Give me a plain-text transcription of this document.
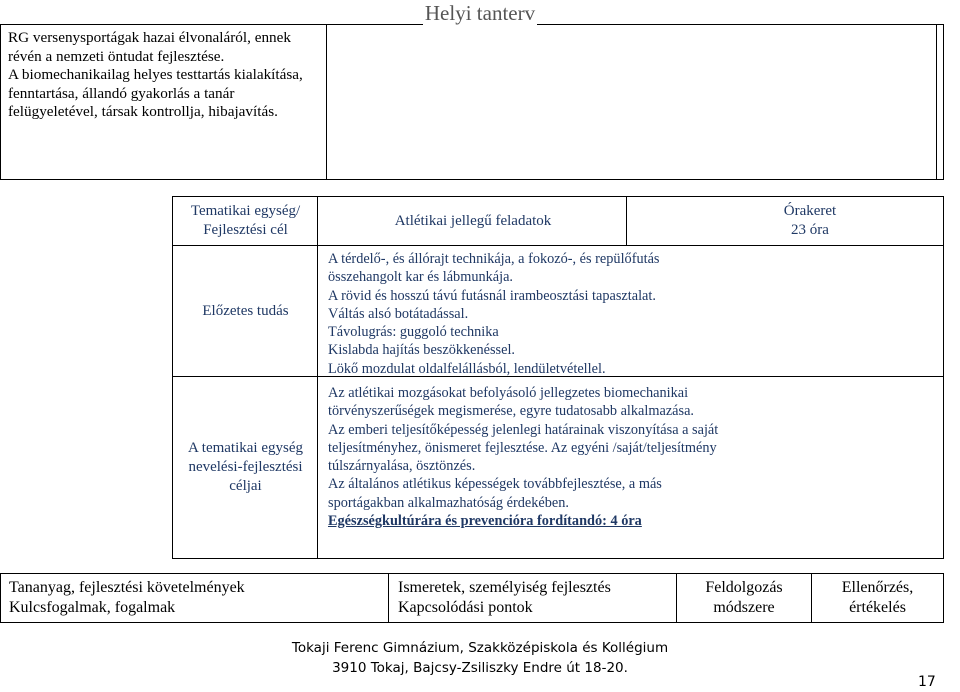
RG versenysportágak hazai élvonaláról, ennek
révén a nemzeti öntudat fejlesztése.
A biomechanikailag helyes testtartás kialakítása,
fenntartása, állandó gyakorlás a tanár
felügyeletével, társak kontrollja, hibajavítás.
Helyi tanterv
Tematikai egység/
Fejlesztési cél
Atlétikai jellegű feladatok
Órakeret
23 óra
Előzetes tudás
A térdelő-, és állórajt technikája, a fokozó-, és repülőfutás
összehangolt kar és lábmunkája.
A rövid és hosszú távú futásnál irambeosztási tapasztalat.
Váltás alsó botátadással.
Távolugrás: guggoló technika
Kislabda hajítás beszökkenéssel.
Lökő mozdulat oldalfelállásból, lendületvétellel.
A tematikai egység
nevelési-fejlesztési
céljai
Az atlétikai mozgásokat befolyásoló jellegzetes biomechanikai
törvényszerűségek megismerése, egyre tudatosabb alkalmazása.
Az emberi teljesítőképesség jelenlegi határainak viszonyítása a saját
teljesítményhez, önismeret fejlesztése. Az egyéni /saját/teljesítmény
túlszárnyalása, ösztönzés.
Az általános atlétikus képességek továbbfejlesztése, a más
sportágakban alkalmazhatóság érdekében.
Egészségkultúrára és prevencióra fordítandó: 4 óra
Tananyag, fejlesztési követelmények
Kulcsfogalmak, fogalmak
Ismeretek, személyiség fejlesztés
Kapcsolódási pontok
Feldolgozás
módszere
Ellenőrzés,
értékelés
Tokaji Ferenc Gimnázium, Szakközépiskola és Kollégium
3910 Tokaj, Bajcsy-Zsiliszky Endre út 18-20.
17
